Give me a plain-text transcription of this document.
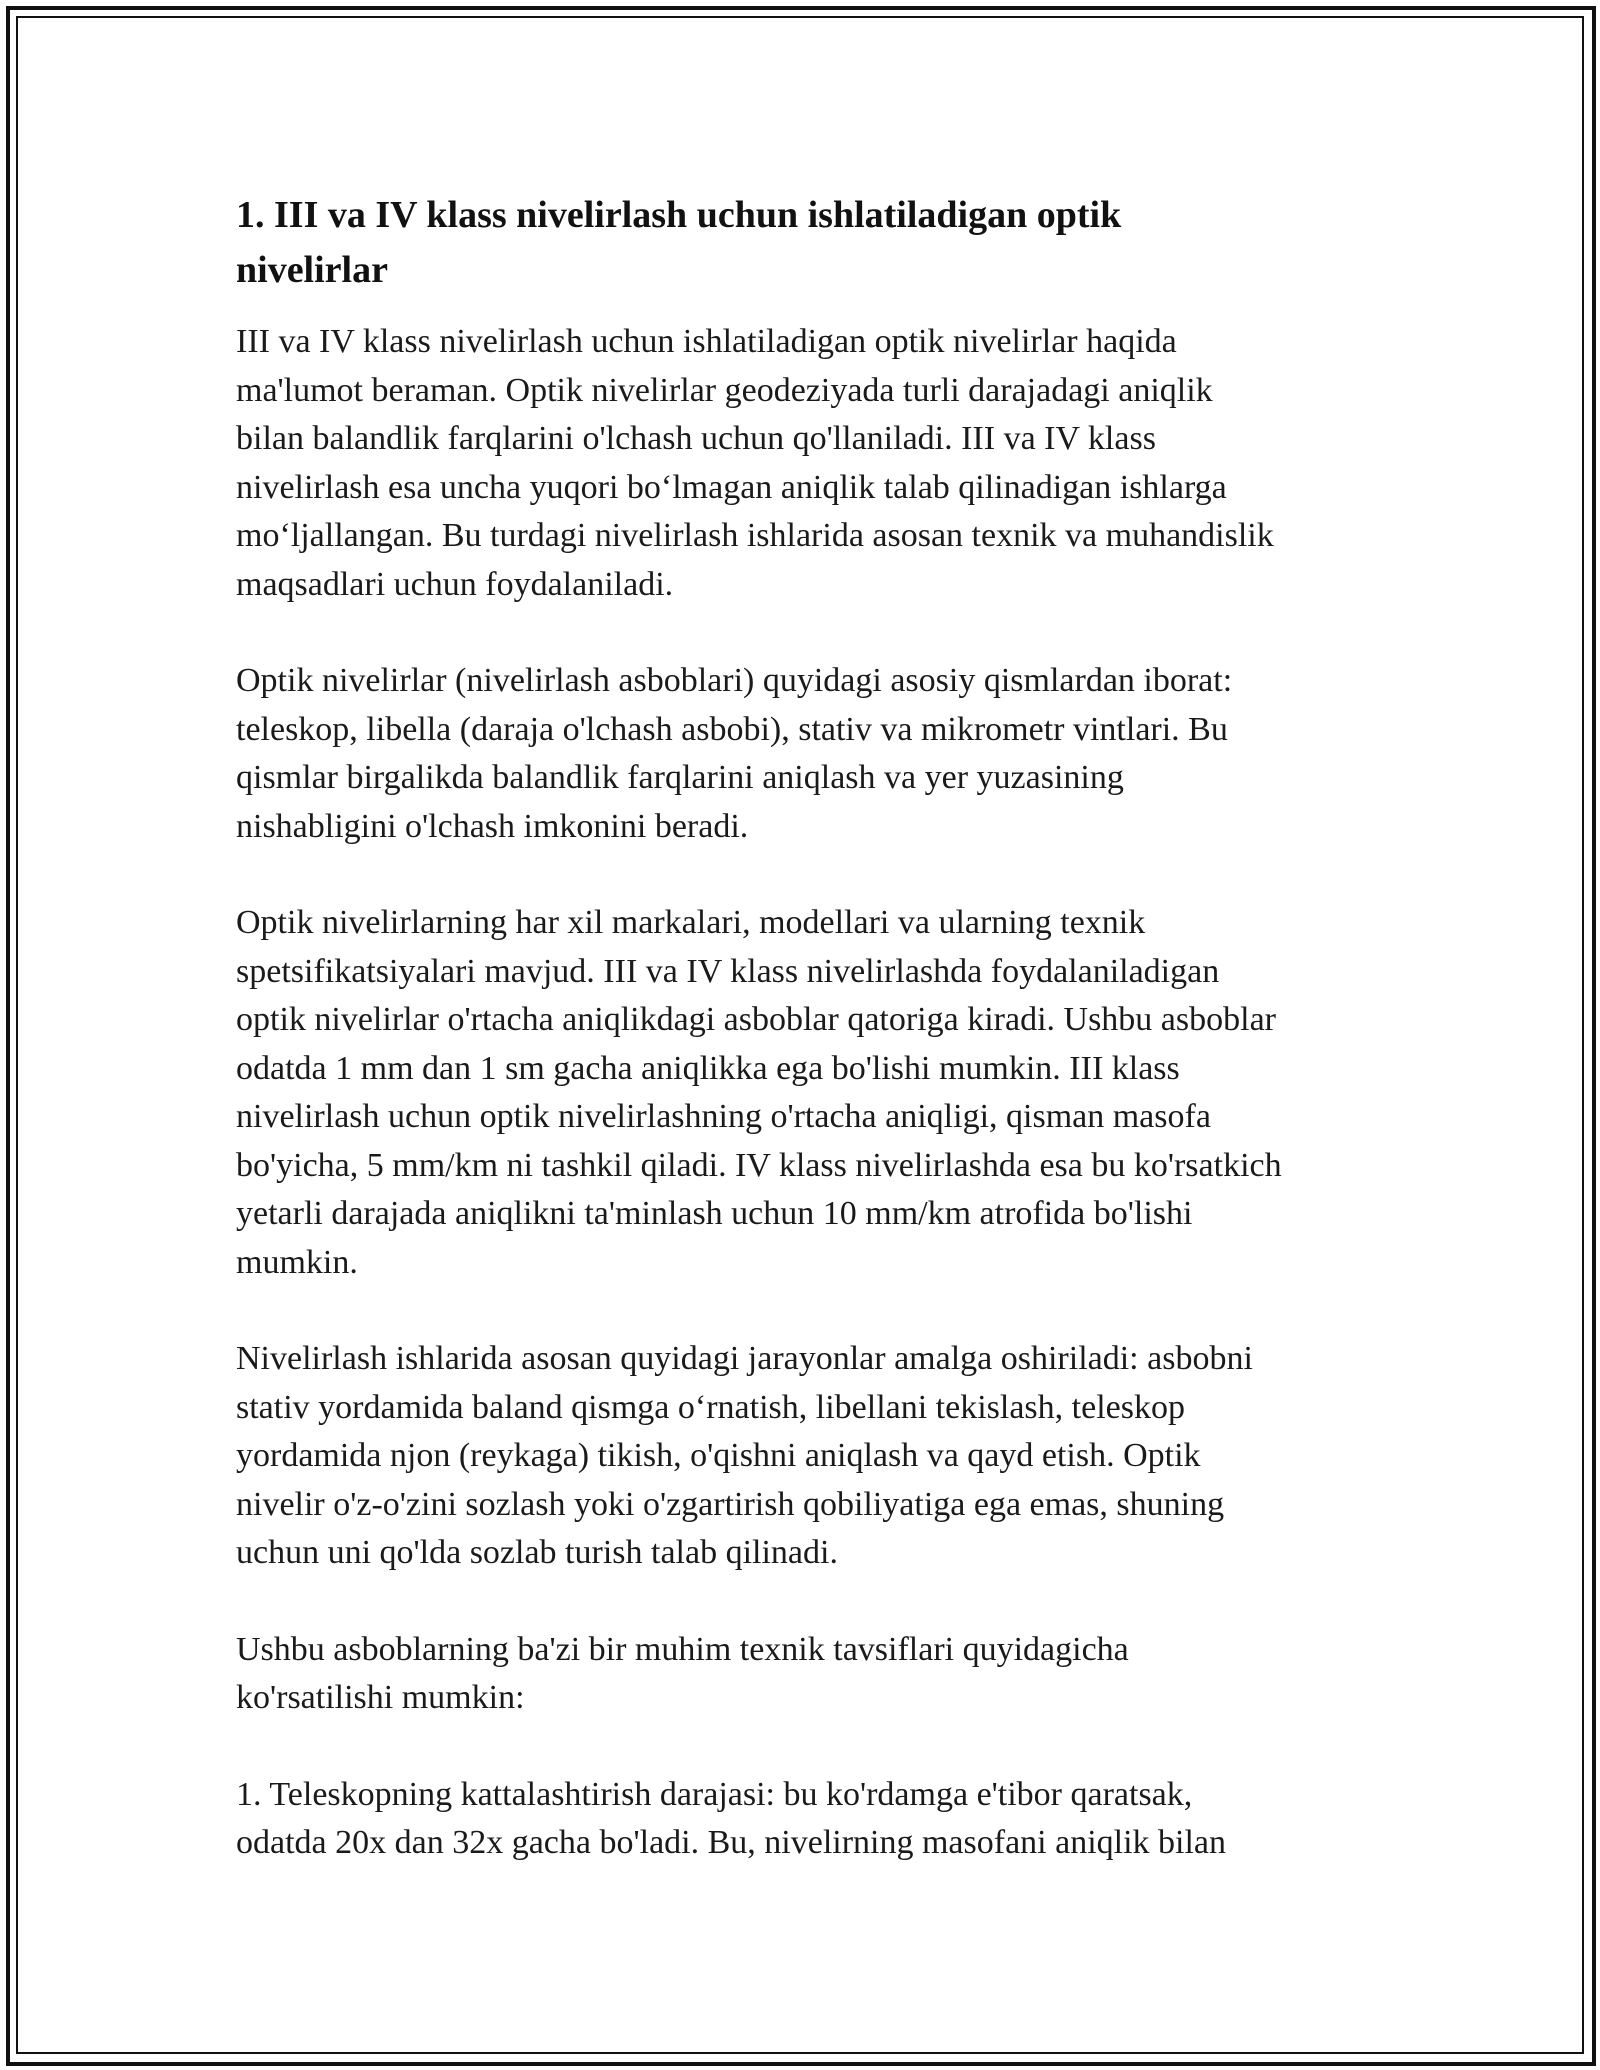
1. III va IV klass nivelirlash uchun ishlatiladigan optik
nivelirlar

III va IV klass nivelirlash uchun ishlatiladigan optik nivelirlar haqida
ma'lumot beraman. Optik nivelirlar geodeziyada turli darajadagi aniqlik
bilan balandlik farqlarini o'lchash uchun qo'llaniladi. III va IV klass
nivelirlash esa uncha yuqori bo‘lmagan aniqlik talab qilinadigan ishlarga
mo‘ljallangan. Bu turdagi nivelirlash ishlarida asosan texnik va muhandislik
maqsadlari uchun foydalaniladi.

Optik nivelirlar (nivelirlash asboblari) quyidagi asosiy qismlardan iborat:
teleskop, libella (daraja o'lchash asbobi), stativ va mikrometr vintlari. Bu
qismlar birgalikda balandlik farqlarini aniqlash va yer yuzasining
nishabligini o'lchash imkonini beradi.

Optik nivelirlarning har xil markalari, modellari va ularning texnik
spetsifikatsiyalari mavjud. III va IV klass nivelirlashda foydalaniladigan
optik nivelirlar o'rtacha aniqlikdagi asboblar qatoriga kiradi. Ushbu asboblar
odatda 1 mm dan 1 sm gacha aniqlikka ega bo'lishi mumkin. III klass
nivelirlash uchun optik nivelirlashning o'rtacha aniqligi, qisman masofa
bo'yicha, 5 mm/km ni tashkil qiladi. IV klass nivelirlashda esa bu ko'rsatkich
yetarli darajada aniqlikni ta'minlash uchun 10 mm/km atrofida bo'lishi
mumkin.

Nivelirlash ishlarida asosan quyidagi jarayonlar amalga oshiriladi: asbobni
stativ yordamida baland qismga o‘rnatish, libellani tekislash, teleskop
yordamida njon (reykaga) tikish, o'qishni aniqlash va qayd etish. Optik
nivelir o'z-o'zini sozlash yoki o'zgartirish qobiliyatiga ega emas, shuning
uchun uni qo'lda sozlab turish talab qilinadi.

Ushbu asboblarning ba'zi bir muhim texnik tavsiflari quyidagicha
ko'rsatilishi mumkin:

1. Teleskopning kattalashtirish darajasi: bu ko'rdamga e'tibor qaratsak,
odatda 20x dan 32x gacha bo'ladi. Bu, nivelirning masofani aniqlik bilan
